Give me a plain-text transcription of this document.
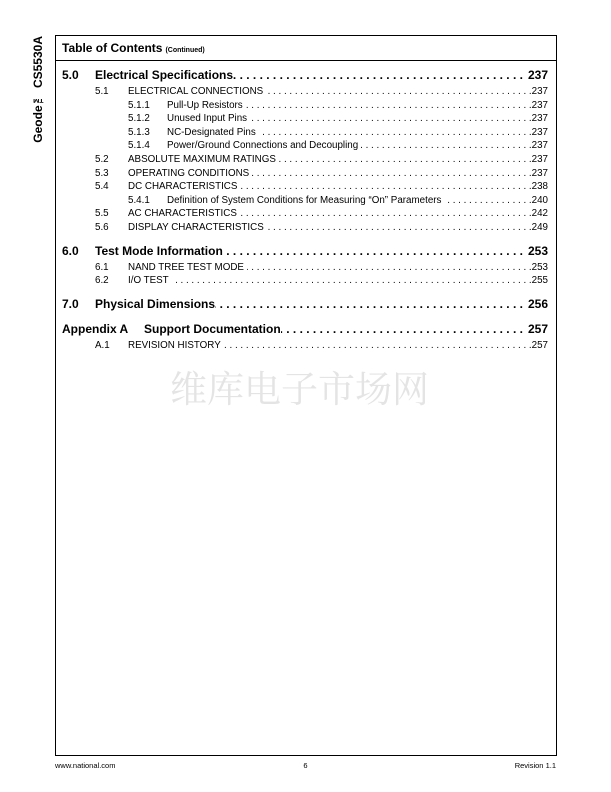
Geode™ CS5530A Table of Contents (Continued)
5.0	Electrical Specifications . . .	237
5.1	ELECTRICAL CONNECTIONS . . .	237
5.1.1	Pull-Up Resistors . . .	237
5.1.2	Unused Input Pins . . .	237
5.1.3	NC-Designated Pins . . .	237
5.1.4	Power/Ground Connections and Decoupling . . .	237
5.2	ABSOLUTE MAXIMUM RATINGS . . .	237
5.3	OPERATING CONDITIONS . . .	237
5.4	DC CHARACTERISTICS . . .	238
5.4.1	Definition of System Conditions for Measuring “On” Parameters . . .	240
5.5	AC CHARACTERISTICS . . .	242
5.6	DISPLAY CHARACTERISTICS . . .	249
6.0	Test Mode Information . . .	253
6.1	NAND TREE TEST MODE . . .	253
6.2	I/O TEST . . .	255
7.0	Physical Dimensions . . .	256
Appendix A	Support Documentation . . .	257
A.1	REVISION HISTORY . . .	257
维库电子市场网
www.national.com	6	Revision 1.1
